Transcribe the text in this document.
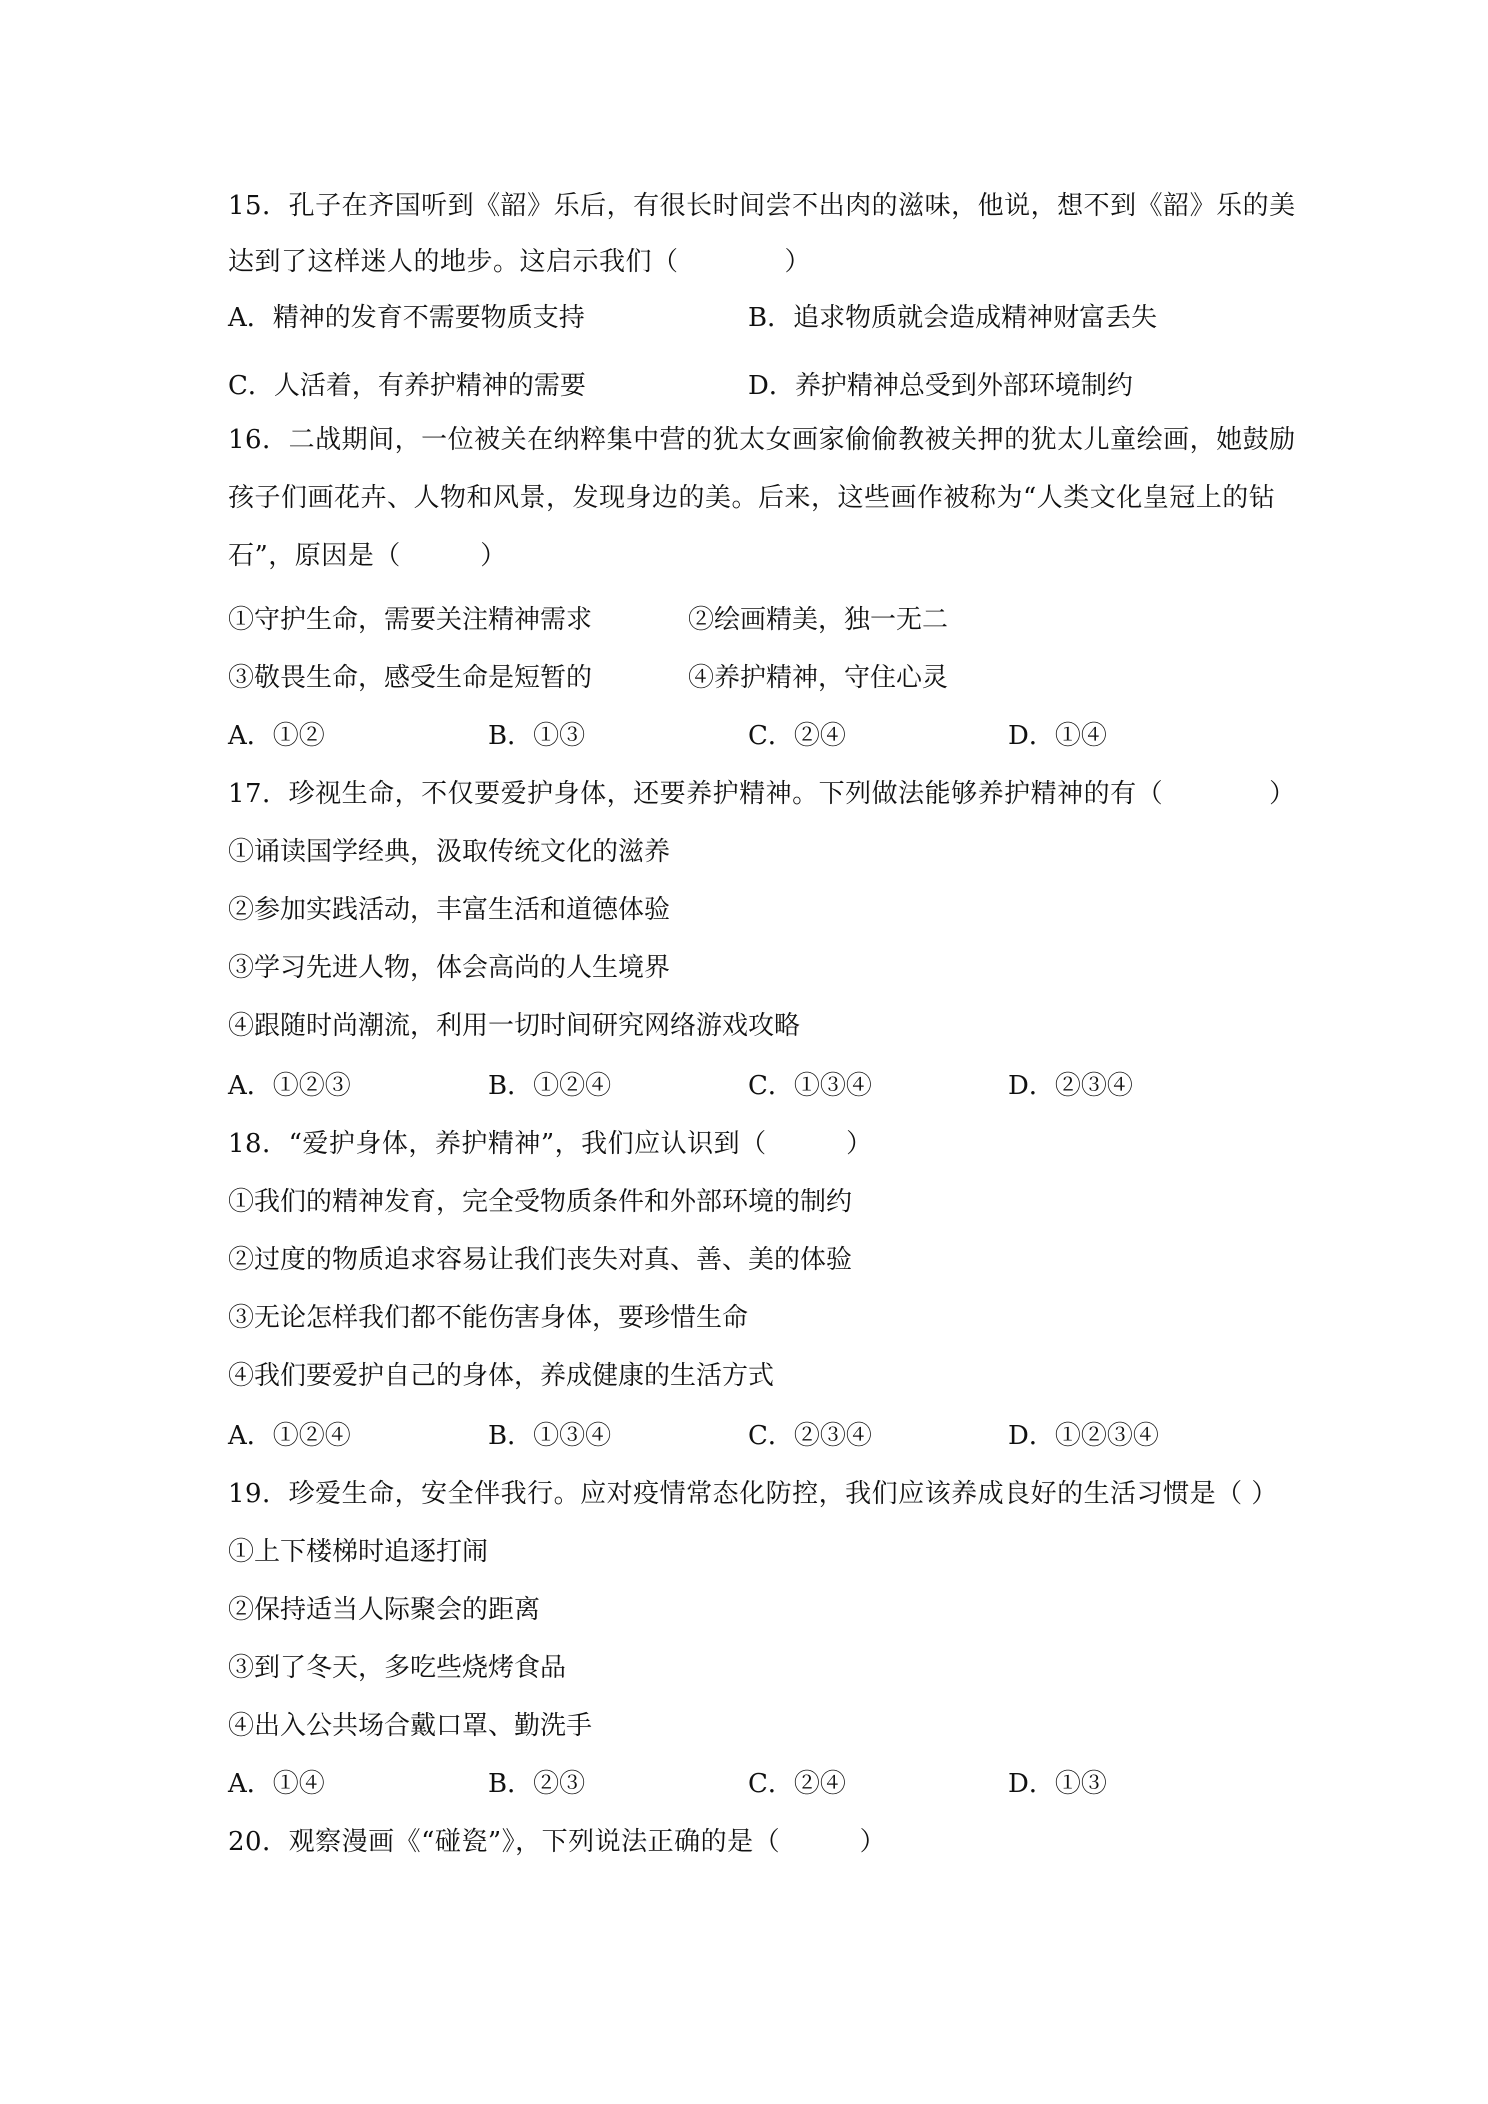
15．孔子在齐国听到《韶》乐后，有很长时间尝不出肉的滋味，他说，想不到《韶》乐的美
达到了这样迷人的地步。这启示我们（　　　　）
A．精神的发育不需要物质支持	B．追求物质就会造成精神财富丢失
C．人活着，有养护精神的需要	D．养护精神总受到外部环境制约
16．二战期间，一位被关在纳粹集中营的犹太女画家偷偷教被关押的犹太儿童绘画，她鼓励
孩子们画花卉、人物和风景，发现身边的美。后来，这些画作被称为“人类文化皇冠上的钻
石”，原因是（　　　）
①守护生命，需要关注精神需求	②绘画精美，独一无二
③敬畏生命，感受生命是短暂的	④养护精神，守住心灵
A．①②	B．①③	C．②④	D．①④
17．珍视生命，不仅要爱护身体，还要养护精神。下列做法能够养护精神的有（　　　　）
①诵读国学经典，汲取传统文化的滋养
②参加实践活动，丰富生活和道德体验
③学习先进人物，体会高尚的人生境界
④跟随时尚潮流，利用一切时间研究网络游戏攻略
A．①②③	B．①②④	C．①③④	D．②③④
18．“爱护身体，养护精神”，我们应认识到（　　　）
①我们的精神发育，完全受物质条件和外部环境的制约
②过度的物质追求容易让我们丧失对真、善、美的体验
③无论怎样我们都不能伤害身体，要珍惜生命
④我们要爱护自己的身体，养成健康的生活方式
A．①②④	B．①③④	C．②③④	D．①②③④
19．珍爱生命，安全伴我行。应对疫情常态化防控，我们应该养成良好的生活习惯是（ ）
①上下楼梯时追逐打闹
②保持适当人际聚会的距离
③到了冬天，多吃些烧烤食品
④出入公共场合戴口罩、勤洗手
A．①④	B．②③	C．②④	D．①③
20．观察漫画《“碰瓷”》，下列说法正确的是（　　　）
